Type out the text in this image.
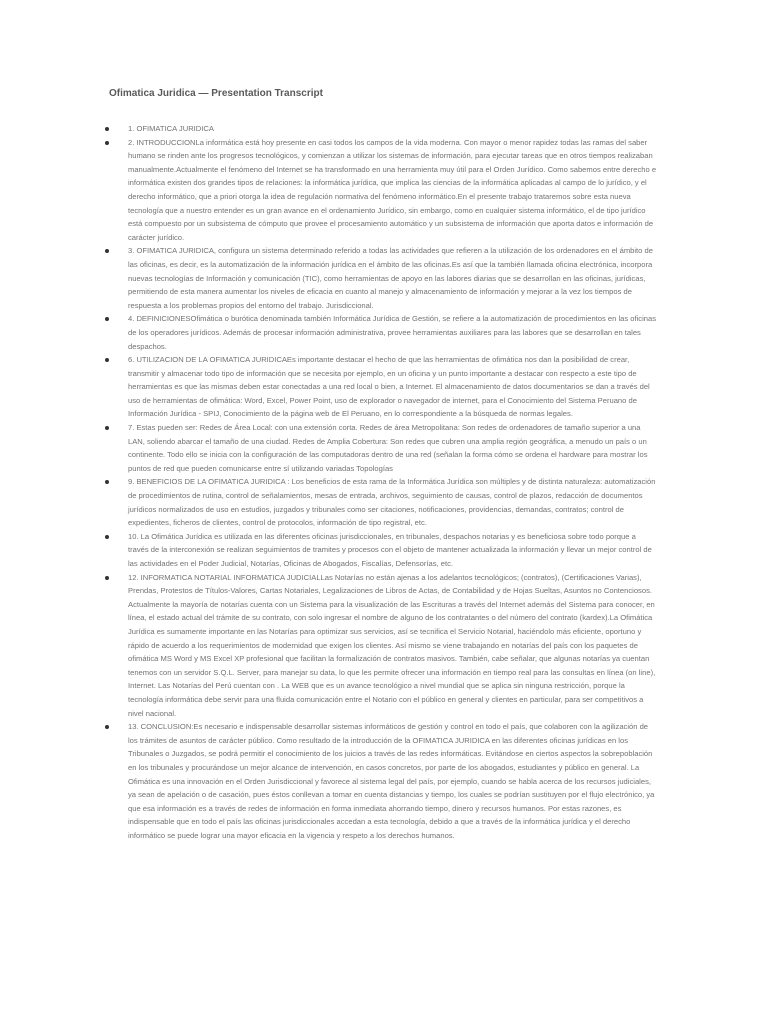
Ofimatica Juridica — Presentation Transcript
1. OFIMATICA JURIDICA
2. INTRODUCCIONLa informática está hoy presente en casi todos los campos de la vida moderna. Con mayor o menor rapidez todas las ramas del saber humano se rinden ante los progresos tecnológicos, y comienzan a utilizar los sistemas de información, para ejecutar tareas que en otros tiempos realizaban manualmente.Actualmente el fenómeno del Internet se ha transformado en una herramienta muy útil para el Orden Jurídico. Como sabemos entre derecho e informática existen dos grandes tipos de relaciones: la informática jurídica, que implica las ciencias de la informática aplicadas al campo de lo jurídico, y el derecho informático, que a priori otorga la idea de regulación normativa del fenómeno informático.En el presente trabajo trataremos sobre esta nueva tecnología que a nuestro entender es un gran avance en el ordenamiento Jurídico, sin embargo, como en cualquier sistema informático, el de tipo jurídico está compuesto por un subsistema de cómputo que provee el procesamiento automático y un subsistema de información que aporta datos e información de carácter jurídico.
3. OFIMATICA JURIDICA, configura un sistema determinado referido a todas las actividades que refieren a la utilización de los ordenadores en el ámbito de las oficinas, es decir, es la automatización de la información jurídica en el ámbito de las oficinas.Es así que la también llamada oficina electrónica, incorpora nuevas tecnologías de Información y comunicación (TIC), como herramientas de apoyo en las labores diarias que se desarrollan en las oficinas, jurídicas, permitiendo de esta manera aumentar los niveles de eficacia en cuanto al manejo y almacenamiento de información y mejorar a la vez los tiempos de respuesta a los problemas propios del entorno del trabajo. Jurisdiccional.
4. DEFINICIONESOfimática o burótica denominada también Informática Jurídica de Gestión, se refiere a la automatización de procedimientos en las oficinas de los operadores jurídicos. Además de procesar información administrativa, provee herramientas auxiliares para las labores que se desarrollan en tales despachos.
6. UTILIZACION DE LA OFIMATICA JURIDICAEs importante destacar el hecho de que las herramientas de ofimática nos dan la posibilidad de crear, transmitir y almacenar todo tipo de información que se necesita por ejemplo, en un oficina y un punto importante a destacar con respecto a este tipo de herramientas es que las mismas deben estar conectadas a una red local o bien, a Internet. El almacenamiento de datos documentarios se dan a través del uso de herramientas de ofimática: Word, Excel, Power Point, uso de explorador o navegador de internet, para el Conocimiento del Sistema Peruano de Información Jurídica - SPIJ, Conocimiento de la página web de El Peruano, en lo correspondiente a la búsqueda de normas legales.
7. Estas pueden ser: Redes de Área Local: con una extensión corta. Redes de área Metropolitana: Son redes de ordenadores de tamaño superior a una LAN, soliendo abarcar el tamaño de una ciudad. Redes de Amplia Cobertura: Son redes que cubren una amplia región geográfica, a menudo un país o un continente. Todo ello se inicia con la configuración de las computadoras dentro de una red (señalan la forma cómo se ordena el hardware para mostrar los puntos de red que pueden comunicarse entre sí utilizando variadas Topologías
9. BENEFICIOS DE LA OFIMATICA JURIDICA : Los beneficios de esta rama de la Informática Jurídica son múltiples y de distinta naturaleza: automatización de procedimientos de rutina, control de señalamientos, mesas de entrada, archivos, seguimiento de causas, control de plazos, redacción de documentos jurídicos normalizados de uso en estudios, juzgados y tribunales como ser citaciones, notificaciones, providencias, demandas, contratos; control de expedientes, ficheros de clientes, control de protocolos, información de tipo registral, etc.
10. La Ofimática Jurídica es utilizada en las diferentes oficinas jurisdiccionales, en tribunales, despachos notarias y es beneficiosa sobre todo porque a través de la interconexión se realizan seguimientos de tramites y procesos con el objeto de mantener actualizada la información y llevar un mejor control de las actividades en el Poder Judicial, Notarías, Oficinas de Abogados, Fiscalías, Defensorías, etc.
12. INFORMATICA NOTARIAL INFORMATICA JUDICIALLas Notarías no están ajenas a los adelantos tecnológicos; (contratos), (Certificaciones Varias), Prendas, Protestos de Títulos-Valores, Cartas Notariales, Legalizaciones de Libros de Actas, de Contabilidad y de Hojas Sueltas, Asuntos no Contenciosos. Actualmente la mayoría de notarías cuenta con un Sistema para la visualización de las Escrituras a través del Internet además del Sistema para conocer, en línea, el estado actual del trámite de su contrato, con solo ingresar el nombre de alguno de los contratantes o del número del contrato (kardex).La Ofimática Jurídica es sumamente importante en las Notarías para optimizar sus servicios, así se tecnifica el Servicio Notarial, haciéndolo más eficiente, oportuno y rápido de acuerdo a los requerimientos de modernidad que exigen los clientes. Así mismo se viene trabajando en notarías del país con los paquetes de ofimática MS Word y MS Excel XP profesional que facilitan la formalización de contratos masivos. También, cabe señalar, que algunas notarías ya cuentan tenemos con un servidor S.Q.L. Server, para manejar su data, lo que les permite ofrecer una información en tiempo real para las consultas en línea (on line), Internet. Las Notarías del Perú cuentan con . La WEB que es un avance tecnológico a nivel mundial que se aplica sin ninguna restricción, porque la tecnología informática debe servir para una fluida comunicación entre el Notario con el público en general y clientes en particular, para ser competitivos a nivel nacional.
13. CONCLUSION:Es necesario e indispensable desarrollar sistemas informáticos de gestión y control en todo el país, que colaboren con la agilización de los trámites de asuntos de carácter público. Como resultado de la introducción de la OFIMATICA JURIDICA en las diferentes oficinas jurídicas en los Tribunales o Juzgados, se podrá permitir el conocimiento de los juicios a través de las redes informáticas. Evitándose en ciertos aspectos la sobrepoblación en los tribunales y procurándose un mejor alcance de intervención, en casos concretos, por parte de los abogados, estudiantes y público en general. La Ofimática es una innovación en el Orden Jurisdiccional y favorece al sistema legal del país, por ejemplo, cuando se habla acerca de los recursos judiciales, ya sean de apelación o de casación, pues éstos conllevan a tomar en cuenta distancias y tiempo, los cuales se podrían sustituyen por el flujo electrónico, ya que esa información es a través de redes de información en forma inmediata ahorrando tiempo, dinero y recursos humanos. Por estas razones, es indispensable que en todo el país las oficinas jurisdiccionales accedan a esta tecnología, debido a que a través de la informática jurídica y el derecho informático se puede lograr una mayor eficacia en la vigencia y respeto a los derechos humanos.
